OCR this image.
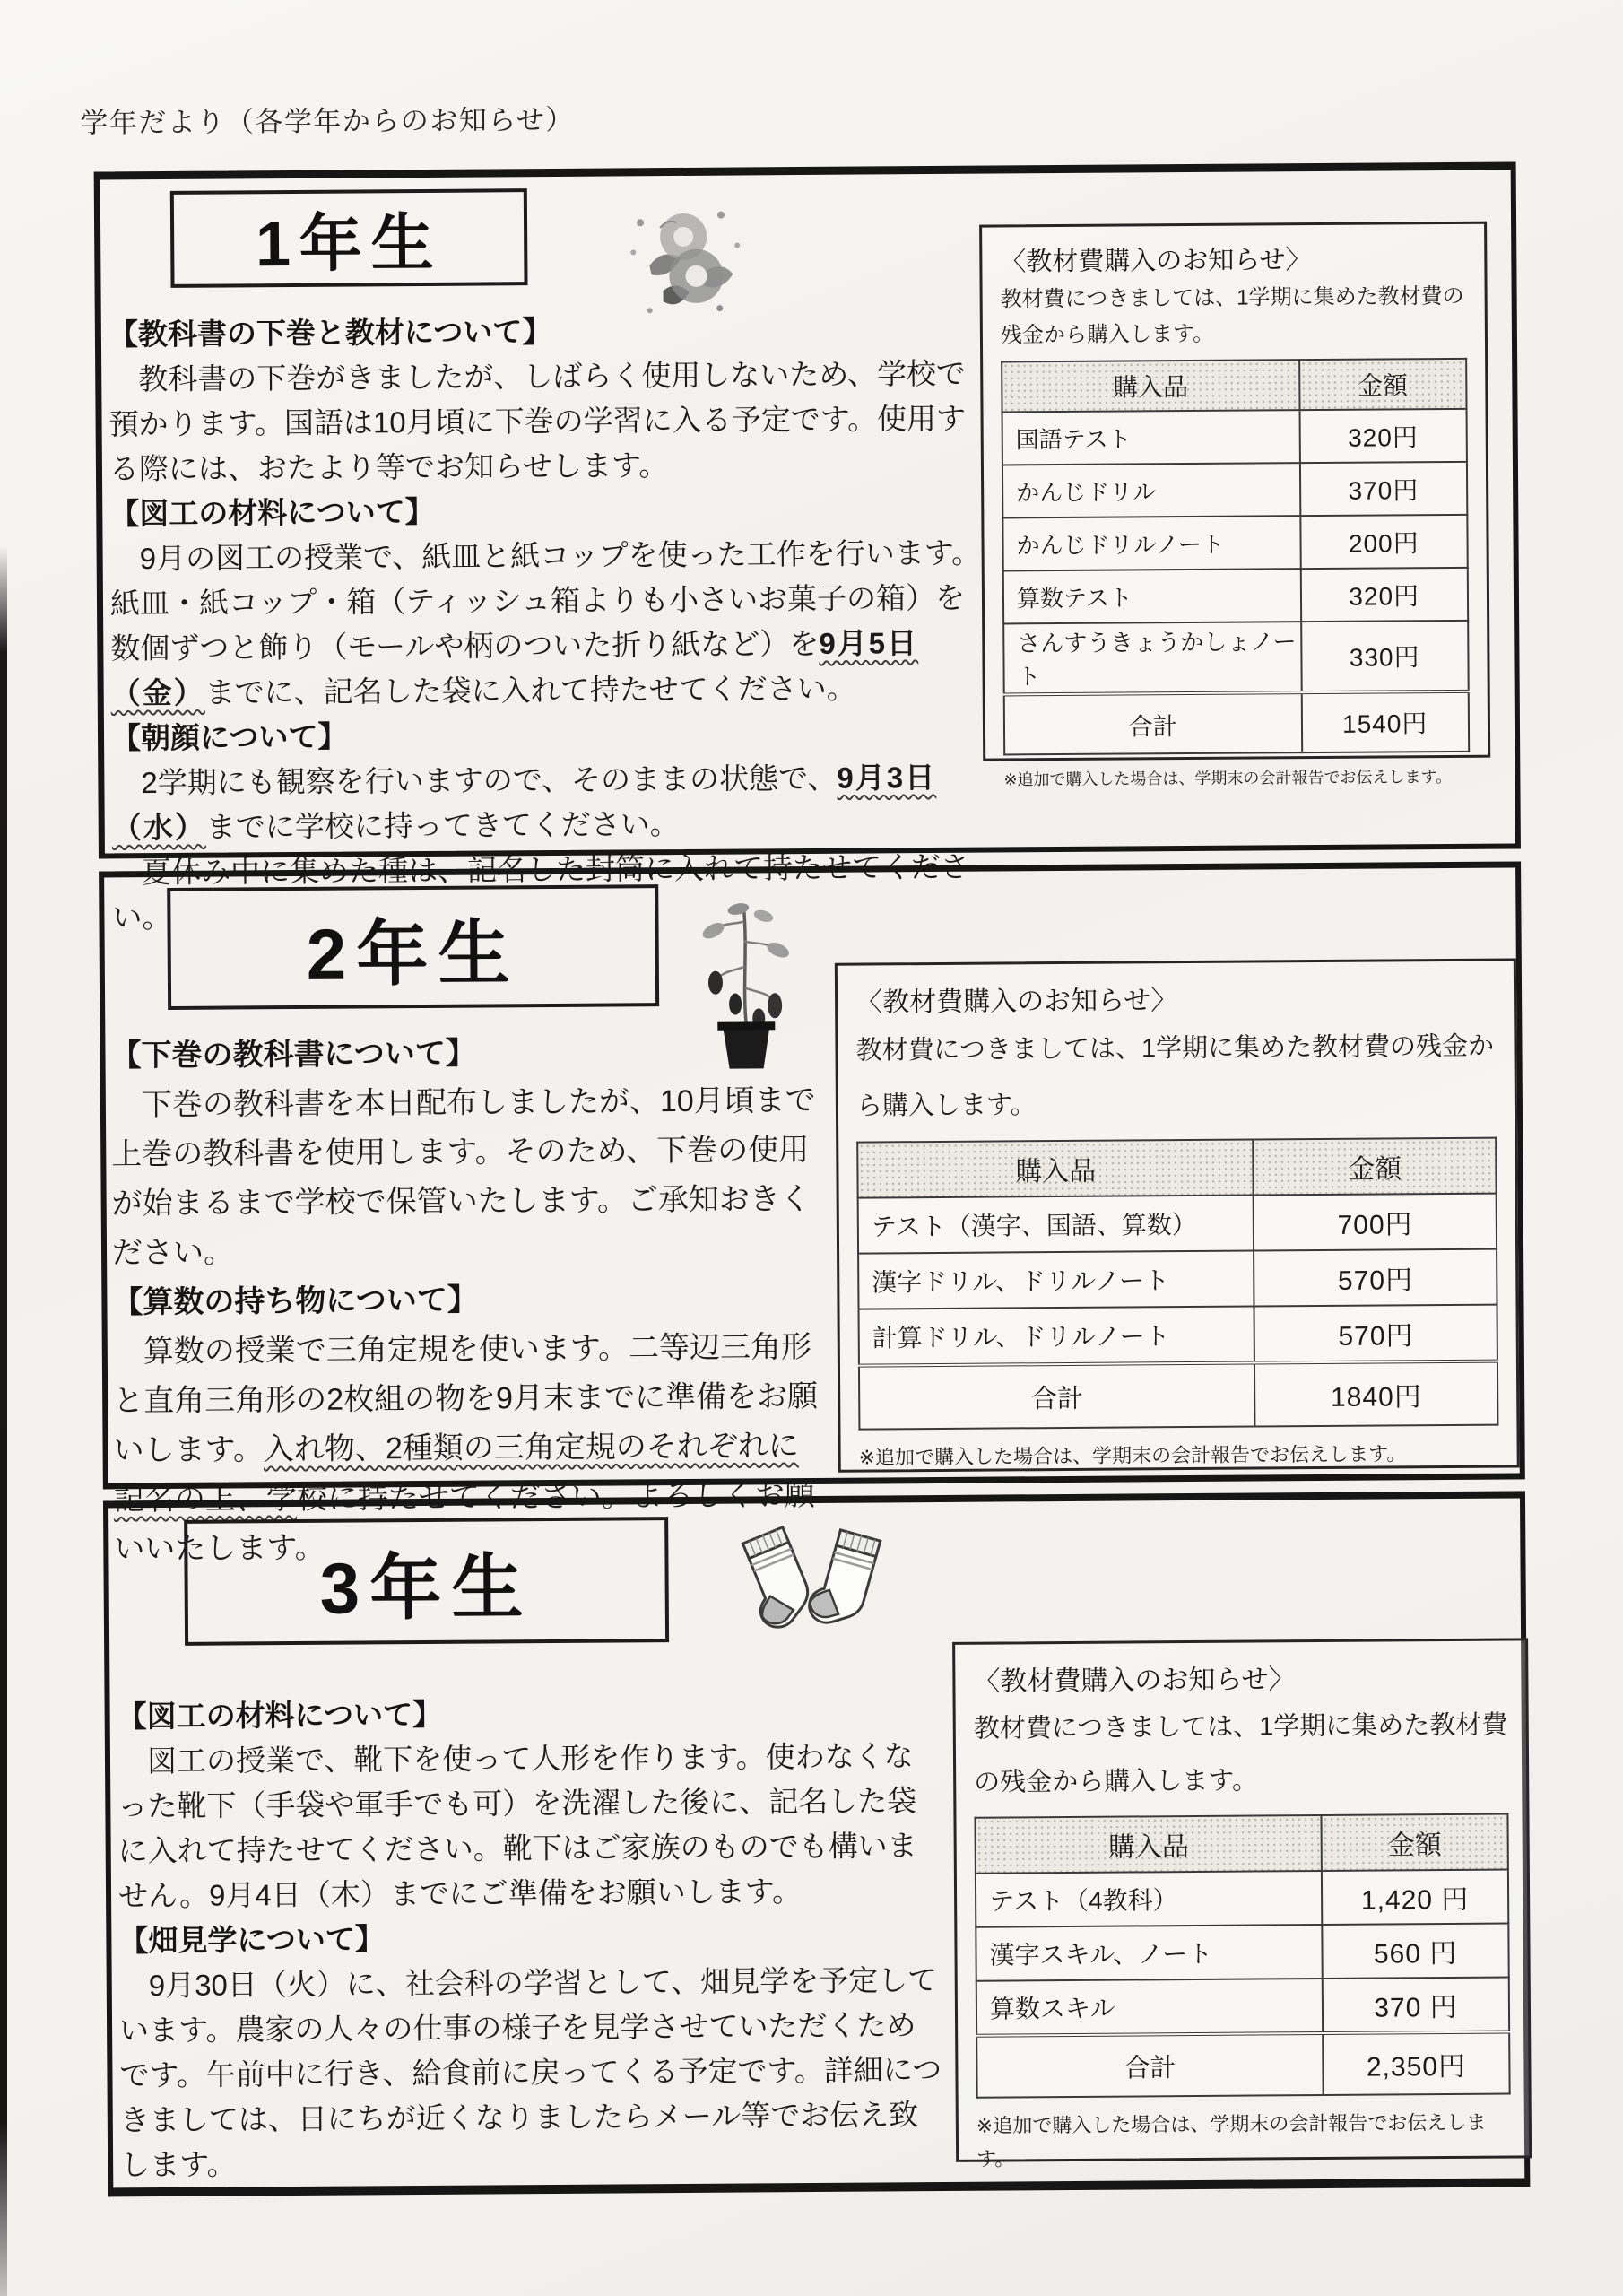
学年だより（各学年からのお知らせ）
1年生
【教科書の下巻と教材について】

　教科書の下巻がきましたが、しばらく使用しないため、学校で預かります。国語は10月頃に下巻の学習に入る予定です。使用する際には、おたより等でお知らせします。

【図工の材料について】

　9月の図工の授業で、紙皿と紙コップを使った工作を行います。紙皿・紙コップ・箱（ティッシュ箱よりも小さいお菓子の箱）を数個ずつと飾り（モールや柄のついた折り紙など）を9月5日（金）までに、記名した袋に入れて持たせてください。

【朝顔について】

　2学期にも観察を行いますので、そのままの状態で、9月3日（水）までに学校に持ってきてください。

　夏休み中に集めた種は、記名した封筒に入れて持たせてください。

〈教材費購入のお知らせ〉
教材費につきましては、1学期に集めた教材費の残金から購入します。
購入品	金額
国語テスト	320円
かんじドリル	370円
かんじドリルノート	200円
算数テスト	320円
さんすうきょうかしょノート	330円
合計	1540円
※追加で購入した場合は、学期末の会計報告でお伝えします。
2年生
【下巻の教科書について】

　下巻の教科書を本日配布しましたが、10月頃まで上巻の教科書を使用します。そのため、下巻の使用が始まるまで学校で保管いたします。ご承知おきください。

【算数の持ち物について】

　算数の授業で三角定規を使います。二等辺三角形と直角三角形の2枚組の物を9月末までに準備をお願いします。入れ物、2種類の三角定規のそれぞれに記名の上、学校に持たせてください。よろしくお願いいたします。

〈教材費購入のお知らせ〉
教材費につきましては、1学期に集めた教材費の残金から購入します。
購入品	金額
テスト（漢字、国語、算数）	700円
漢字ドリル、ドリルノート	570円
計算ドリル、ドリルノート	570円
合計	1840円
※追加で購入した場合は、学期末の会計報告でお伝えします。
3年生
【図工の材料について】

　図工の授業で、靴下を使って人形を作ります。使わなくなった靴下（手袋や軍手でも可）を洗濯した後に、記名した袋に入れて持たせてください。靴下はご家族のものでも構いません。9月4日（木）までにご準備をお願いします。

【畑見学について】

　9月30日（火）に、社会科の学習として、畑見学を予定しています。農家の人々の仕事の様子を見学させていただくためです。午前中に行き、給食前に戻ってくる予定です。詳細につきましては、日にちが近くなりましたらメール等でお伝え致します。

〈教材費購入のお知らせ〉
教材費につきましては、1学期に集めた教材費の残金から購入します。
購入品	金額
テスト（4教科）	1,420 円
漢字スキル、ノート	560 円
算数スキル	370 円
合計	2,350円
※追加で購入した場合は、学期末の会計報告でお伝えします。
